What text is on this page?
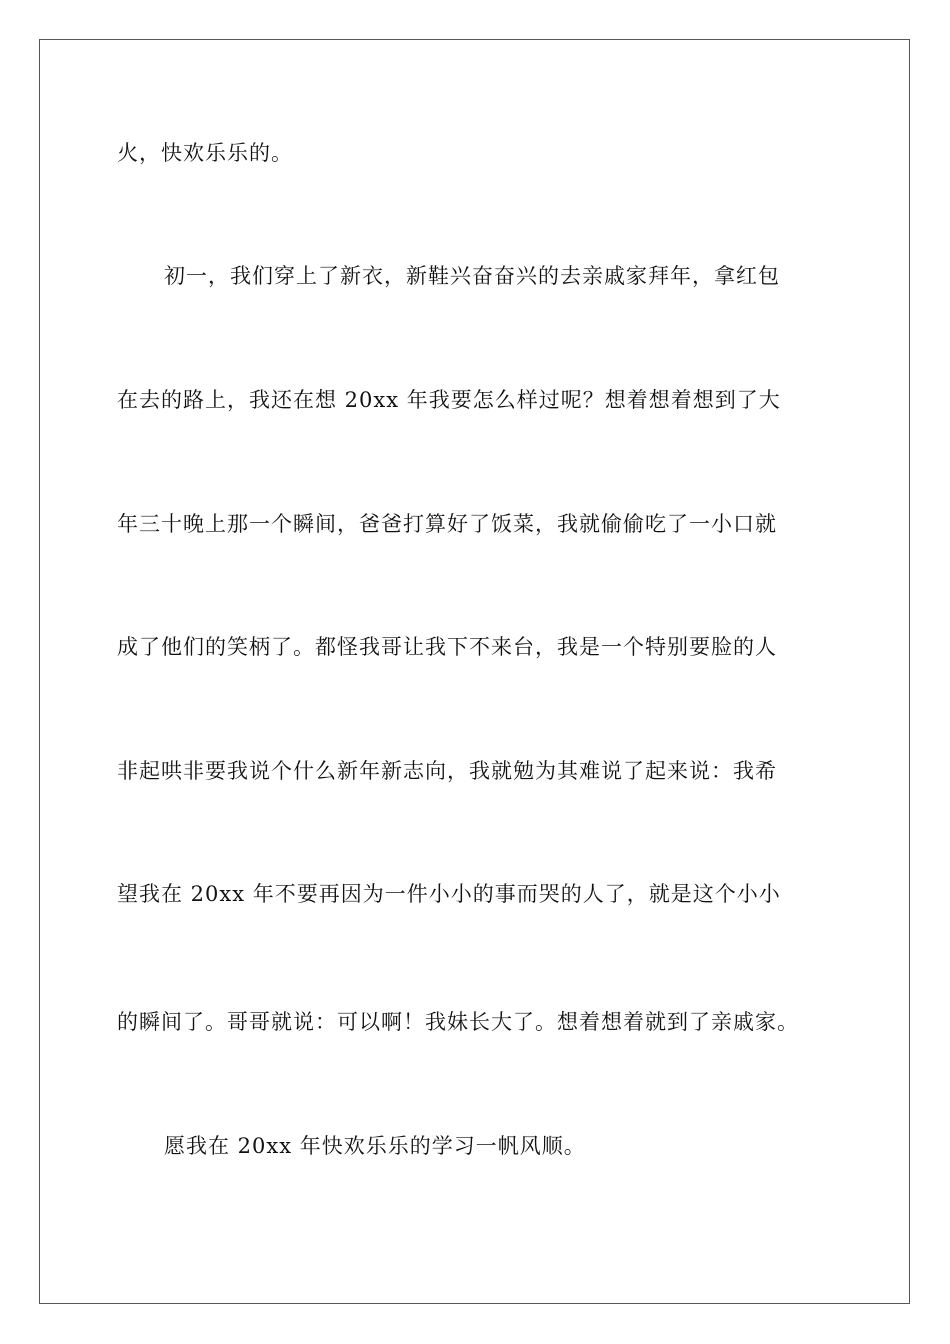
火，快欢乐乐的。
初一，我们穿上了新衣，新鞋兴奋奋兴的去亲戚家拜年，拿红包
在去的路上，我还在想 20xx 年我要怎么样过呢？想着想着想到了大
年三十晚上那一个瞬间，爸爸打算好了饭菜，我就偷偷吃了一小口就
成了他们的笑柄了。都怪我哥让我下不来台，我是一个特别要脸的人
非起哄非要我说个什么新年新志向，我就勉为其难说了起来说：我希
望我在 20xx 年不要再因为一件小小的事而哭的人了，就是这个小小
的瞬间了。哥哥就说：可以啊！我妹长大了。想着想着就到了亲戚家。
愿我在 20xx 年快欢乐乐的学习一帆风顺。
